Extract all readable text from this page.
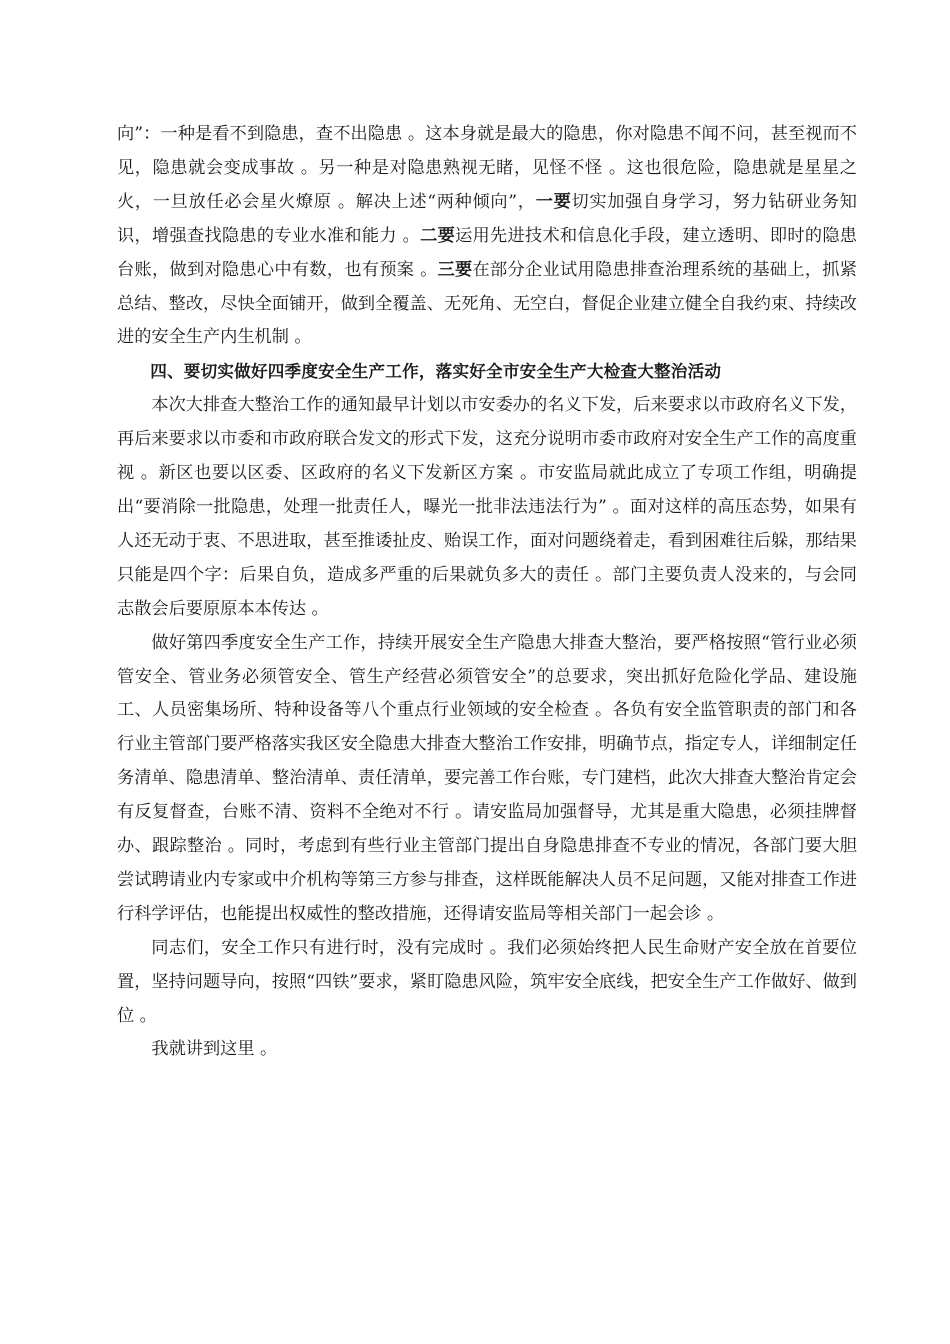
向”：一种是看不到隐患，查不出隐患 。这本身就是最大的隐患，你对隐患不闻不问，甚至视而不见，隐患就会变成事故 。另一种是对隐患熟视无睹，见怪不怪 。这也很危险，隐患就是星星之火，一旦放任必会星火燎原 。解决上述“两种倾向”，一要切实加强自身学习，努力钻研业务知识，增强查找隐患的专业水准和能力 。二要运用先进技术和信息化手段，建立透明、即时的隐患台账，做到对隐患心中有数，也有预案 。三要在部分企业试用隐患排查治理系统的基础上，抓紧总结、整改，尽快全面铺开，做到全覆盖、无死角、无空白，督促企业建立健全自我约束、持续改进的安全生产内生机制 。

四、要切实做好四季度安全生产工作，落实好全市安全生产大检查大整治活动

本次大排查大整治工作的通知最早计划以市安委办的名义下发，后来要求以市政府名义下发，再后来要求以市委和市政府联合发文的形式下发，这充分说明市委市政府对安全生产工作的高度重视 。新区也要以区委、区政府的名义下发新区方案 。市安监局就此成立了专项工作组，明确提出“要消除一批隐患，处理一批责任人，曝光一批非法违法行为” 。面对这样的高压态势，如果有人还无动于衷、不思进取，甚至推诿扯皮、贻误工作，面对问题绕着走，看到困难往后躲，那结果只能是四个字：后果自负，造成多严重的后果就负多大的责任 。部门主要负责人没来的，与会同志散会后要原原本本传达 。

做好第四季度安全生产工作，持续开展安全生产隐患大排查大整治，要严格按照“管行业必须管安全、管业务必须管安全、管生产经营必须管安全”的总要求，突出抓好危险化学品、建设施工、人员密集场所、特种设备等八个重点行业领域的安全检查 。各负有安全监管职责的部门和各行业主管部门要严格落实我区安全隐患大排查大整治工作安排，明确节点，指定专人，详细制定任务清单、隐患清单、整治清单、责任清单，要完善工作台账，专门建档，此次大排查大整治肯定会有反复督查，台账不清、资料不全绝对不行 。请安监局加强督导，尤其是重大隐患，必须挂牌督办、跟踪整治 。同时，考虑到有些行业主管部门提出自身隐患排查不专业的情况，各部门要大胆尝试聘请业内专家或中介机构等第三方参与排查，这样既能解决人员不足问题，又能对排查工作进行科学评估，也能提出权威性的整改措施，还得请安监局等相关部门一起会诊 。

同志们，安全工作只有进行时，没有完成时 。我们必须始终把人民生命财产安全放在首要位置，坚持问题导向，按照“四铁”要求，紧盯隐患风险，筑牢安全底线，把安全生产工作做好、做到位 。

我就讲到这里 。
